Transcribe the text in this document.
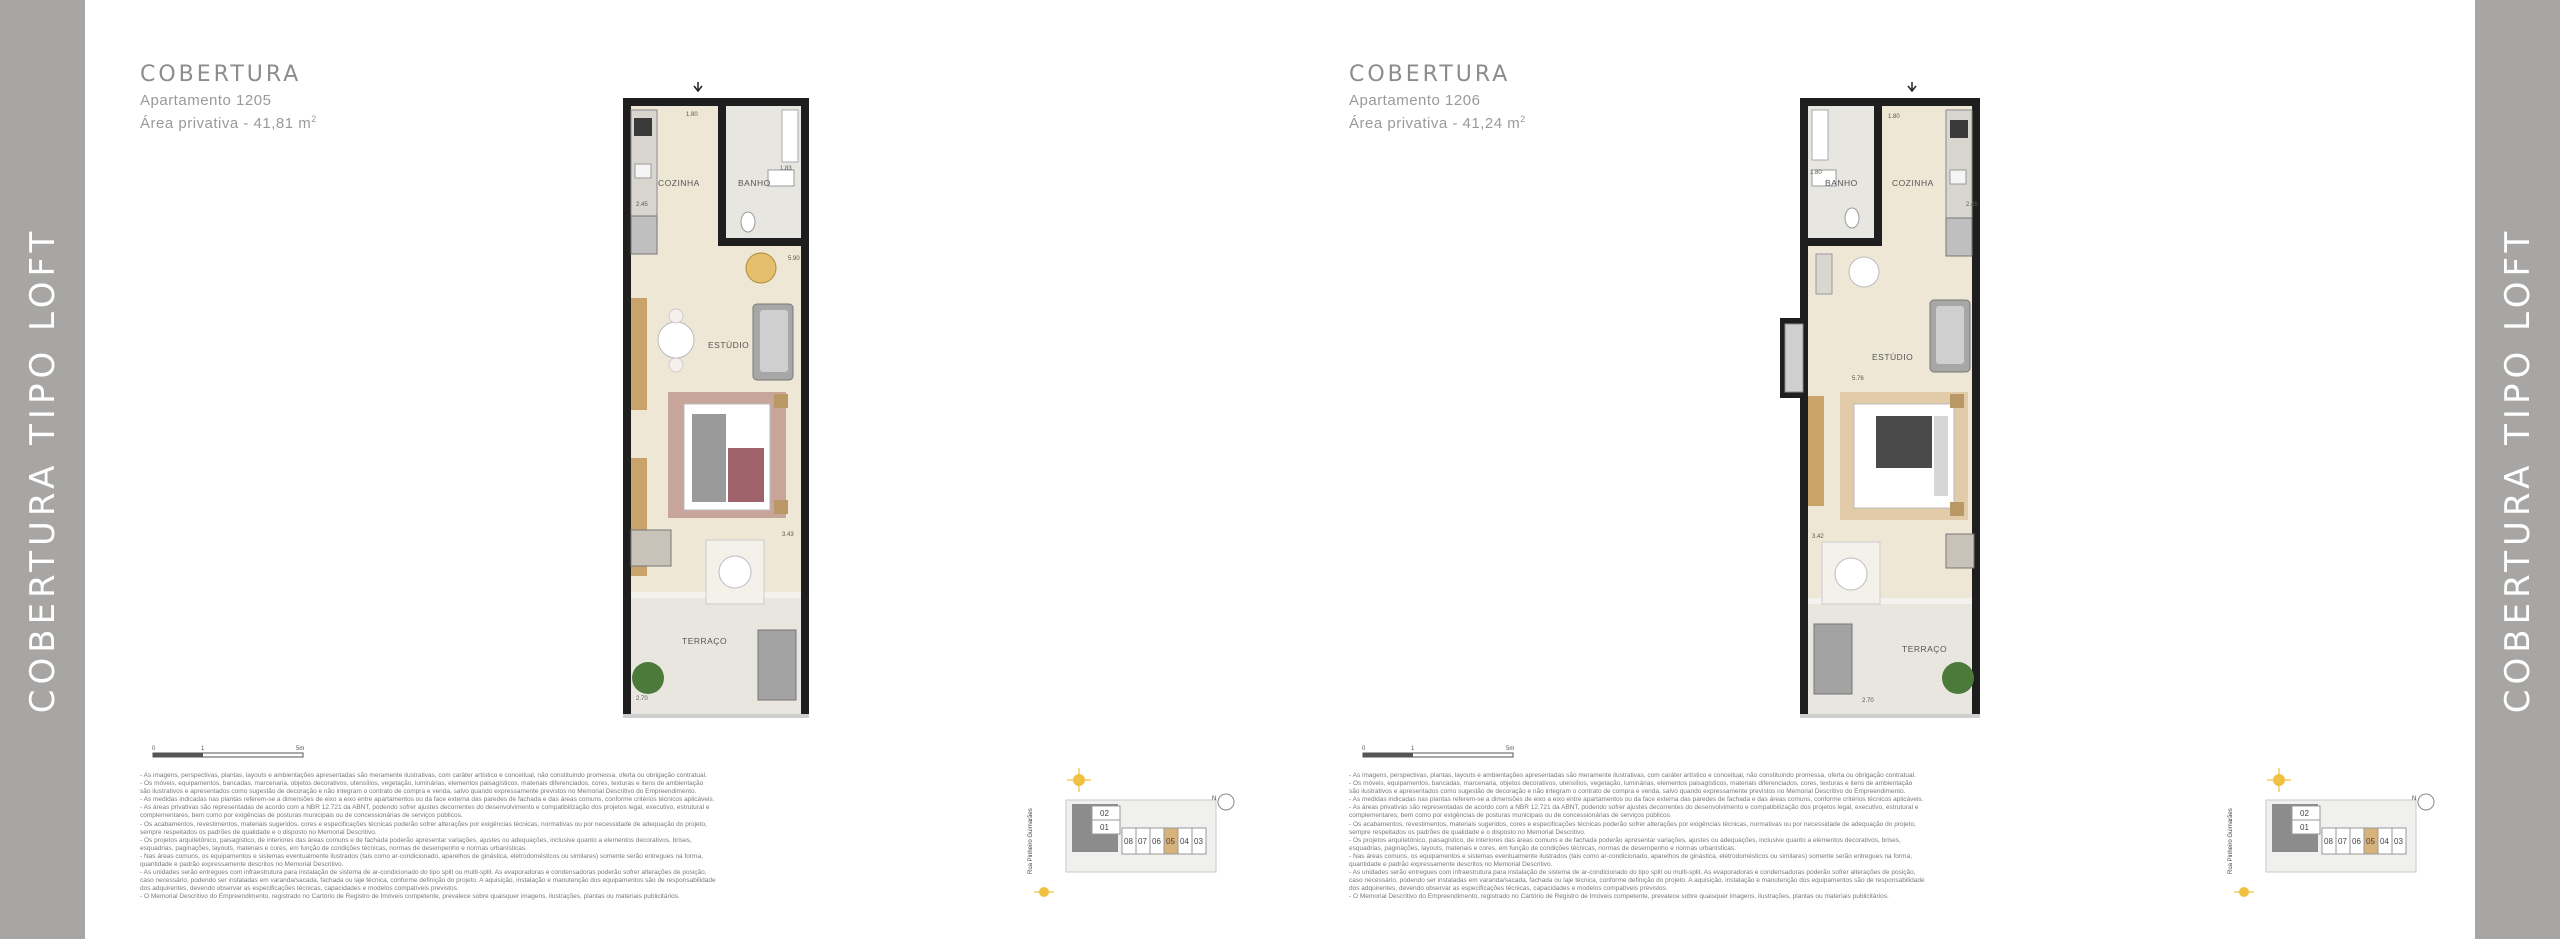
COBERTURA TIPO LOFT	COBERTURA TIPO LOFT
COBERTURA
Apartamento 1205
Área privativa - 41,81 $m^2$
COZINHA	BANHO
ESTÚDIO
TERRAÇO
1.80
1.83
2.45
5.90
3.43
2.70
0	1	5m
- As imagens, perspectivas, plantas, layouts e ambientações apresentadas são meramente ilustrativas, com caráter artístico e conceitual, não constituindo promessa, oferta ou obrigação contratual.
- Os móveis, equipamentos, bancadas, marcenaria, objetos decorativos, utensílios, vegetação, luminárias, elementos paisagísticos, materiais diferenciados, cores, texturas e itens de ambientação
são ilustrativos e apresentados como sugestão de decoração e não integram o contrato de compra e venda, salvo quando expressamente previstos no Memorial Descritivo do Empreendimento.
- As medidas indicadas nas plantas referem-se a dimensões de eixo a eixo entre apartamentos ou da face externa das paredes de fachada e das áreas comuns, conforme critérios técnicos aplicáveis.
- As áreas privativas são representadas de acordo com a NBR 12.721 da ABNT, podendo sofrer ajustes decorrentes do desenvolvimento e compatibilização dos projetos legal, executivo, estrutural e
complementares, bem como por exigências de posturas municipais ou de concessionárias de serviços públicos.
- Os acabamentos, revestimentos, materiais sugeridos, cores e especificações técnicas poderão sofrer alterações por exigências técnicas, normativas ou por necessidade de adequação do projeto,
sempre respeitados os padrões de qualidade e o disposto no Memorial Descritivo.
- Os projetos arquitetônico, paisagístico, de interiores das áreas comuns e de fachada poderão apresentar variações, ajustes ou adequações, inclusive quanto a elementos decorativos, brises,
esquadrias, paginações, layouts, materiais e cores, em função de condições técnicas, normas de desempenho e normas urbanísticas.
- Nas áreas comuns, os equipamentos e sistemas eventualmente ilustrados (tais como ar-condicionado, aparelhos de ginástica, eletrodomésticos ou similares) somente serão entregues na forma,
quantidade e padrão expressamente descritos no Memorial Descritivo.
- As unidades serão entregues com infraestrutura para instalação de sistema de ar-condicionado do tipo split ou multi-split. As evaporadoras e condensadoras poderão sofrer alterações de posição,
caso necessário, podendo ser instaladas em varanda/sacada, fachada ou laje técnica, conforme definição do projeto. A aquisição, instalação e manutenção dos equipamentos são de responsabilidade
dos adquirentes, devendo observar as especificações técnicas, capacidades e modelos compatíveis previstos.
- O Memorial Descritivo do Empreendimento, registrado no Cartório de Registro de Imóveis competente, prevalece sobre quaisquer imagens, ilustrações, plantas ou materiais publicitários.
Rua Pinheiro Guimarães	02
01
08 07 06 05 04 03
N
COBERTURA
Apartamento 1206
Área privativa - 41,24 $m^2$
BANHO	COZINHA
ESTÚDIO
TERRAÇO
1.80
1.80
2.45
5.76
3.42
2.70
0	1	5m
- As imagens, perspectivas, plantas, layouts e ambientações apresentadas são meramente ilustrativas, com caráter artístico e conceitual, não constituindo promessa, oferta ou obrigação contratual.
- Os móveis, equipamentos, bancadas, marcenaria, objetos decorativos, utensílios, vegetação, luminárias, elementos paisagísticos, materiais diferenciados, cores, texturas e itens de ambientação
são ilustrativos e apresentados como sugestão de decoração e não integram o contrato de compra e venda, salvo quando expressamente previstos no Memorial Descritivo do Empreendimento.
- As medidas indicadas nas plantas referem-se a dimensões de eixo a eixo entre apartamentos ou da face externa das paredes de fachada e das áreas comuns, conforme critérios técnicos aplicáveis.
- As áreas privativas são representadas de acordo com a NBR 12.721 da ABNT, podendo sofrer ajustes decorrentes do desenvolvimento e compatibilização dos projetos legal, executivo, estrutural e
complementares, bem como por exigências de posturas municipais ou de concessionárias de serviços públicos.
- Os acabamentos, revestimentos, materiais sugeridos, cores e especificações técnicas poderão sofrer alterações por exigências técnicas, normativas ou por necessidade de adequação do projeto,
sempre respeitados os padrões de qualidade e o disposto no Memorial Descritivo.
- Os projetos arquitetônico, paisagístico, de interiores das áreas comuns e de fachada poderão apresentar variações, ajustes ou adequações, inclusive quanto a elementos decorativos, brises,
esquadrias, paginações, layouts, materiais e cores, em função de condições técnicas, normas de desempenho e normas urbanísticas.
- Nas áreas comuns, os equipamentos e sistemas eventualmente ilustrados (tais como ar-condicionado, aparelhos de ginástica, eletrodomésticos ou similares) somente serão entregues na forma,
quantidade e padrão expressamente descritos no Memorial Descritivo.
- As unidades serão entregues com infraestrutura para instalação de sistema de ar-condicionado do tipo split ou multi-split. As evaporadoras e condensadoras poderão sofrer alterações de posição,
caso necessário, podendo ser instaladas em varanda/sacada, fachada ou laje técnica, conforme definição do projeto. A aquisição, instalação e manutenção dos equipamentos são de responsabilidade
dos adquirentes, devendo observar as especificações técnicas, capacidades e modelos compatíveis previstos.
- O Memorial Descritivo do Empreendimento, registrado no Cartório de Registro de Imóveis competente, prevalece sobre quaisquer imagens, ilustrações, plantas ou materiais publicitários.
Rua Pinheiro Guimarães	02
01
08 07 06 05 04 03
N
